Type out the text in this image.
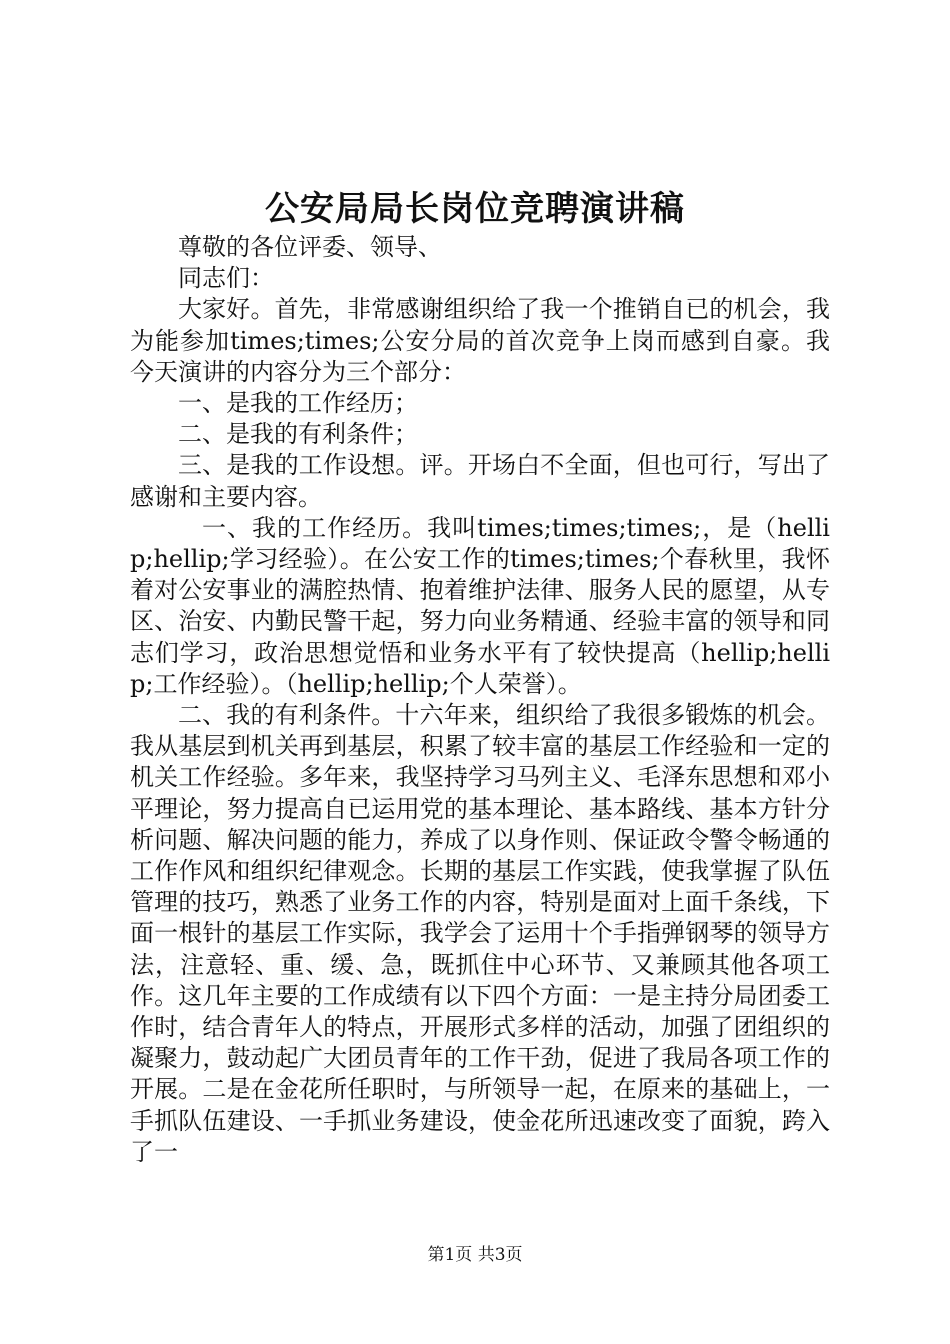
公安局局长岗位竞聘演讲稿

尊敬的各位评委、领导、

同志们：

大家好。首先，非常感谢组织给了我一个推销自已的机会，我为能参加times;times;公安分局的首次竞争上岗而感到自豪。我今天演讲的内容分为三个部分：

一、是我的工作经历；

二、是我的有利条件；

三、是我的工作设想。评。开场白不全面，但也可行，写出了感谢和主要内容。

一、我的工作经历。我叫times;times;times;，是（hellip;hellip;学习经验）。在公安工作的times;times;个春秋里，我怀着对公安事业的满腔热情、抱着维护法律、服务人民的愿望，从专区、治安、内勤民警干起，努力向业务精通、经验丰富的领导和同志们学习，政治思想觉悟和业务水平有了较快提高（hellip;hellip;工作经验）。（hellip;hellip;个人荣誉）。

二、我的有利条件。十六年来，组织给了我很多锻炼的机会。我从基层到机关再到基层，积累了较丰富的基层工作经验和一定的机关工作经验。多年来，我坚持学习马列主义、毛泽东思想和邓小平理论，努力提高自已运用党的基本理论、基本路线、基本方针分析问题、解决问题的能力，养成了以身作则、保证政令警令畅通的工作作风和组织纪律观念。长期的基层工作实践，使我掌握了队伍管理的技巧，熟悉了业务工作的内容，特别是面对上面千条线，下面一根针的基层工作实际，我学会了运用十个手指弹钢琴的领导方法，注意轻、重、缓、急，既抓住中心环节、又兼顾其他各项工作。这几年主要的工作成绩有以下四个方面：一是主持分局团委工作时，结合青年人的特点，开展形式多样的活动，加强了团组织的凝聚力，鼓动起广大团员青年的工作干劲，促进了我局各项工作的开展。二是在金花所任职时，与所领导一起，在原来的基础上，一手抓队伍建设、一手抓业务建设，使金花所迅速改变了面貌，跨入了一

第1页 共3页
